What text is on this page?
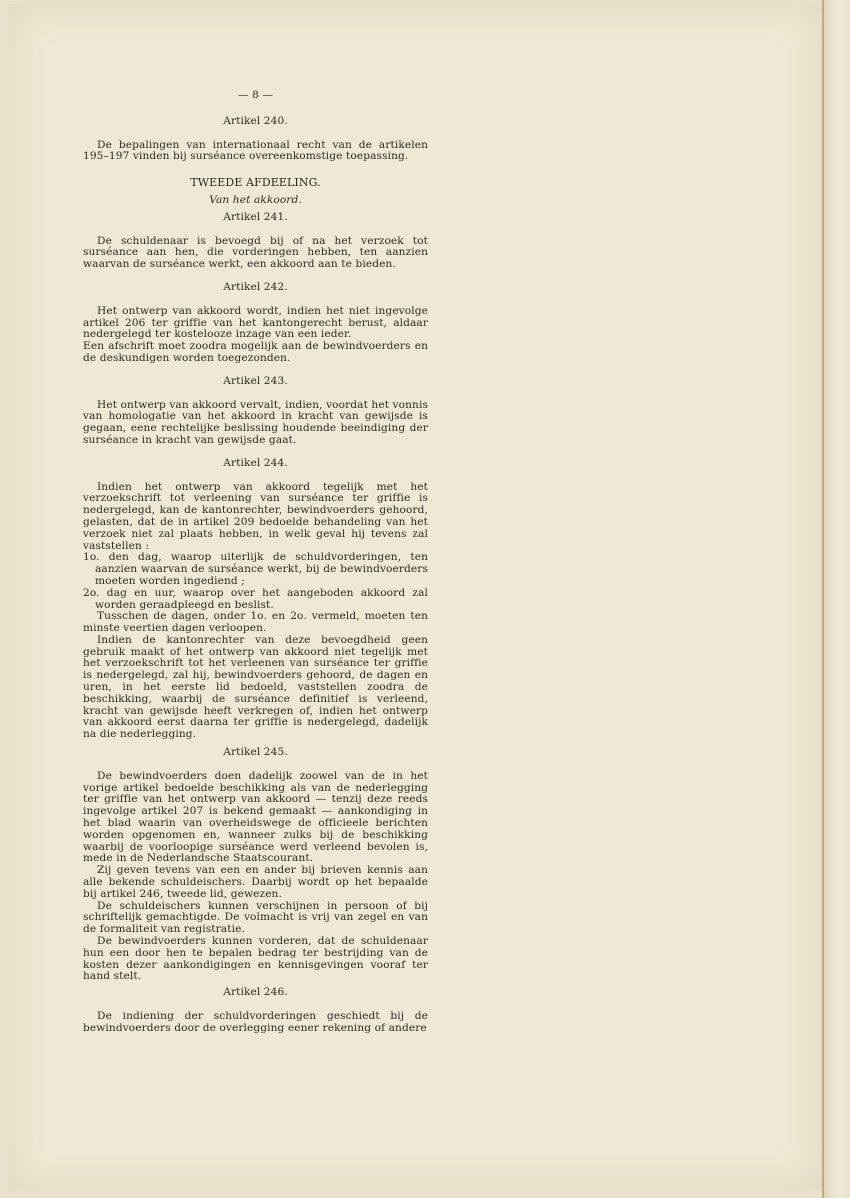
— 8 —
Artikel 240.

De bepalingen van internationaal recht van de artikelen 195–197 vinden bij surséance overeenkomstige toepassing.

TWEEDE AFDEELING.
Van het akkoord.
Artikel 241.

De schuldenaar is bevoegd bij of na het verzoek tot surséance aan hen, die vorderingen hebben, ten aanzien waarvan de surséance werkt, een akkoord aan te bieden.

Artikel 242.

Het ontwerp van akkoord wordt, indien het niet ingevolge artikel 206 ter griffie van het kantongerecht berust, aldaar nedergelegd ter kostelooze inzage van een ieder.

Een afschrift moet zoodra mogelijk aan de bewindvoerders en de deskundigen worden toegezonden.

Artikel 243.

Het ontwerp van akkoord vervalt, indien, voordat het vonnis van homologatie van het akkoord in kracht van gewijsde is gegaan, eene rechtelijke beslissing houdende beeindiging der surséance in kracht van gewijsde gaat.

Artikel 244.

Indien het ontwerp van akkoord tegelijk met het verzoekschrift tot verleening van surséance ter griffie is nedergelegd, kan de kantonrechter, bewindvoerders gehoord, gelasten, dat de in artikel 209 bedoelde behandeling van het verzoek niet zal plaats hebben, in welk geval hij tevens zal vaststellen :

1o. den dag, waarop uiterlijk de schuldvorderingen, ten aanzien waarvan de surséance werkt, bij de bewindvoerders moeten worden ingediend ;
2o. dag en uur, waarop over het aangeboden akkoord zal worden geraadpleegd en beslist.

Tusschen de dagen, onder 1o. en 2o. vermeld, moeten ten minste veertien dagen verloopen.

Indien de kantonrechter van deze bevoegdheid geen gebruik maakt of het ontwerp van akkoord niet tegelijk met het verzoekschrift tot het verleenen van surséance ter griffie is nedergelegd, zal hij, bewindvoerders gehoord, de dagen en uren, in het eerste lid bedoeld, vaststellen zoodra de beschikking, waarbij de surséance definitief is verleend, kracht van gewijsde heeft verkregen of, indien het ontwerp van akkoord eerst daarna ter griffie is nedergelegd, dadelijk na die nederlegging.

Artikel 245.

De bewindvoerders doen dadelijk zoowel van de in het vorige artikel bedoelde beschikking als van de nederlegging ter griffie van het ontwerp van akkoord — tenzij deze reeds ingevolge artikel 207 is bekend gemaakt — aankondiging in het blad waarin van overheidswege de officieele berichten worden opgenomen en, wanneer zulks bij de beschikking waarbij de voorloopige surséance werd verleend bevolen is, mede in de Nederlandsche Staatscourant.

Zij geven tevens van een en ander bij brieven kennis aan alle bekende schuldeischers. Daarbij wordt op het bepaalde bij artikel 246, tweede lid, gewezen.

De schuldeischers kunnen verschijnen in persoon of bij schriftelijk gemachtigde. De volmacht is vrij van zegel en van de formaliteit van registratie.

De bewindvoerders kunnen vorderen, dat de schuldenaar hun een door hen te bepalen bedrag ter bestrijding van de kosten dezer aankondigingen en kennisgevingen vooraf ter hand stelt.

Artikel 246.

De indiening der schuldvorderingen geschiedt bij de bewindvoerders door de overlegging eener rekening of andere
